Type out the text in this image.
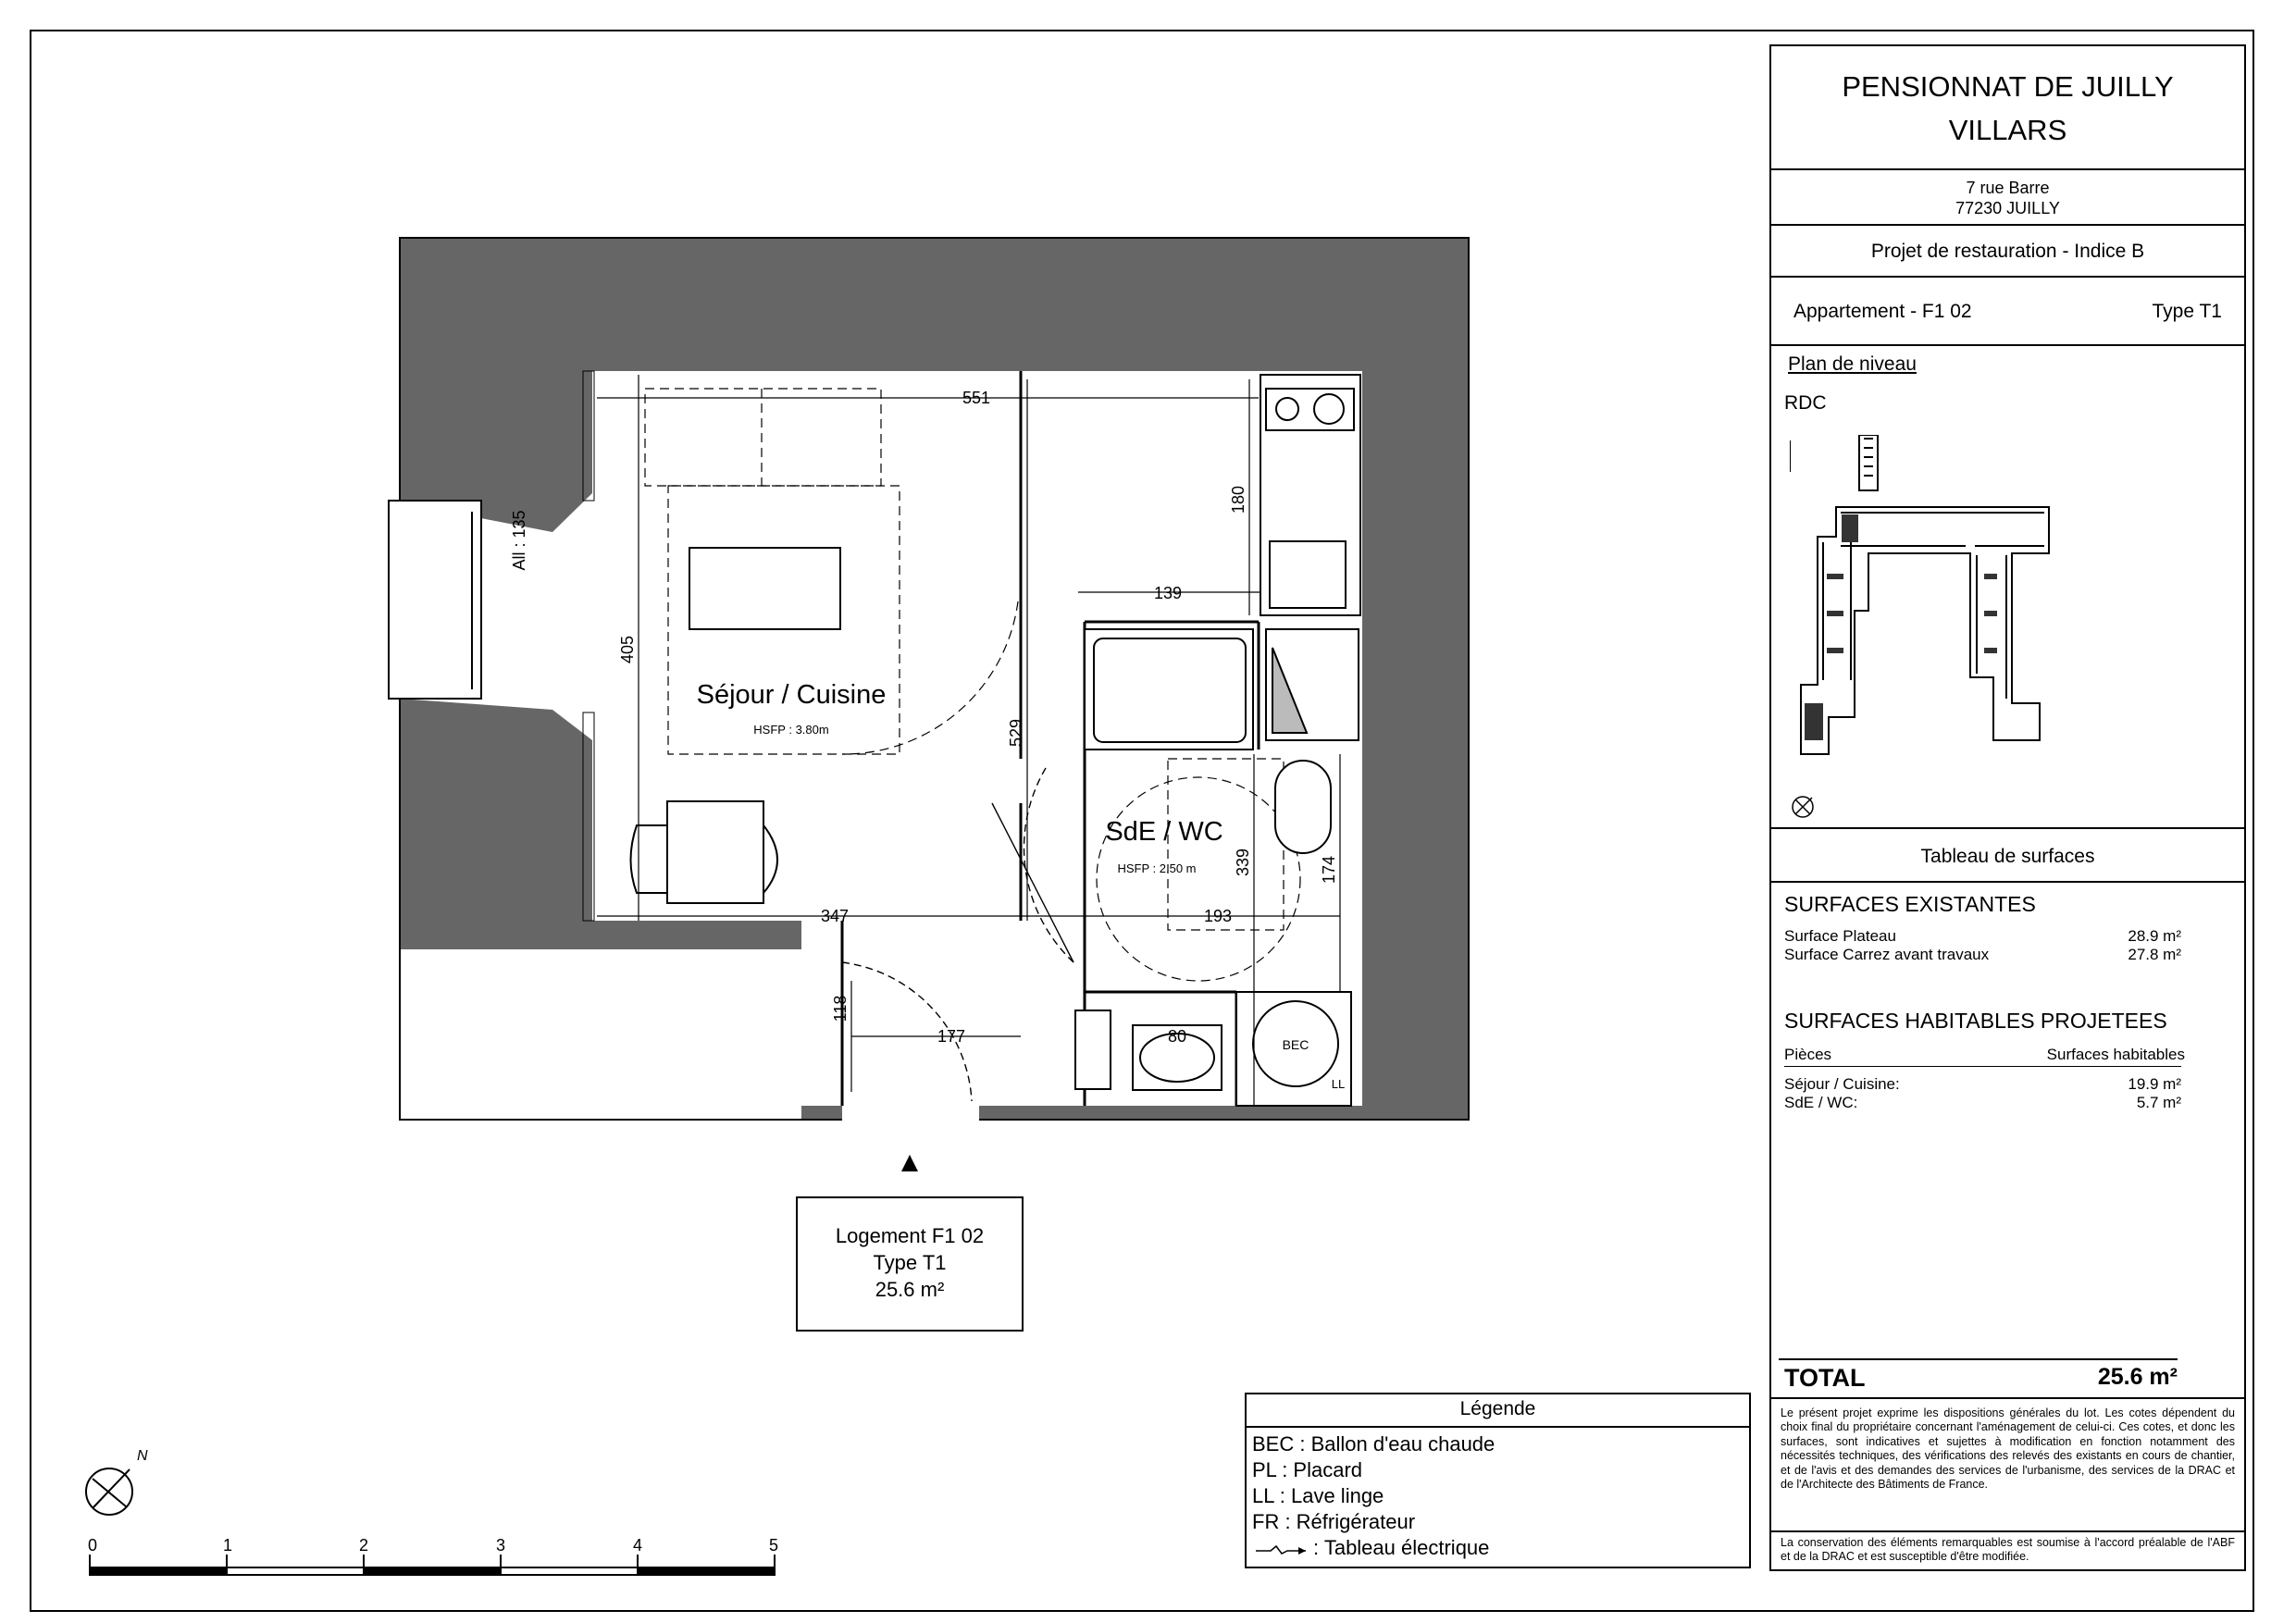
BEC
LL
551
180
139
405
529
339	174
347	193
118
177	80
All : 135
Séjour / Cuisine
HSFP : 3.80m
SdE / WC
HSFP : 2.50 m
N
0	1	2	3	4	5
Logement F1 02
Type T1
25.6 m²
Légende
BEC : Ballon d'eau chaude
PL : Placard
LL : Lave linge
FR : Réfrigérateur
: Tableau électrique
PENSIONNAT DE JUILLY
VILLARS
7 rue Barre
77230 JUILLY
Projet de restauration - Indice B
Appartement - F1 02	Type T1
Plan de niveau
RDC
Tableau de surfaces
SURFACES EXISTANTES
Surface Plateau	28.9 m²
Surface Carrez avant travaux	27.8 m²
SURFACES HABITABLES PROJETEES
Pièces	Surfaces habitables
Séjour / Cuisine:	19.9 m²
SdE / WC:	5.7 m²
TOTAL	25.6 m²
Le présent projet exprime les dispositions générales du lot. Les cotes dépendent du choix final du propriétaire concernant l'aménagement de celui-ci. Ces cotes, et donc les surfaces, sont indicatives et sujettes à modification en fonction notamment des nécessités techniques, des vérifications des relevés des existants en cours de chantier, et de l'avis et des demandes des services de l'urbanisme, des services de la DRAC et de l'Architecte des Bâtiments de France.
La conservation des éléments remarquables est soumise à l'accord préalable de l'ABF et de la DRAC et est susceptible d'être modifiée.
